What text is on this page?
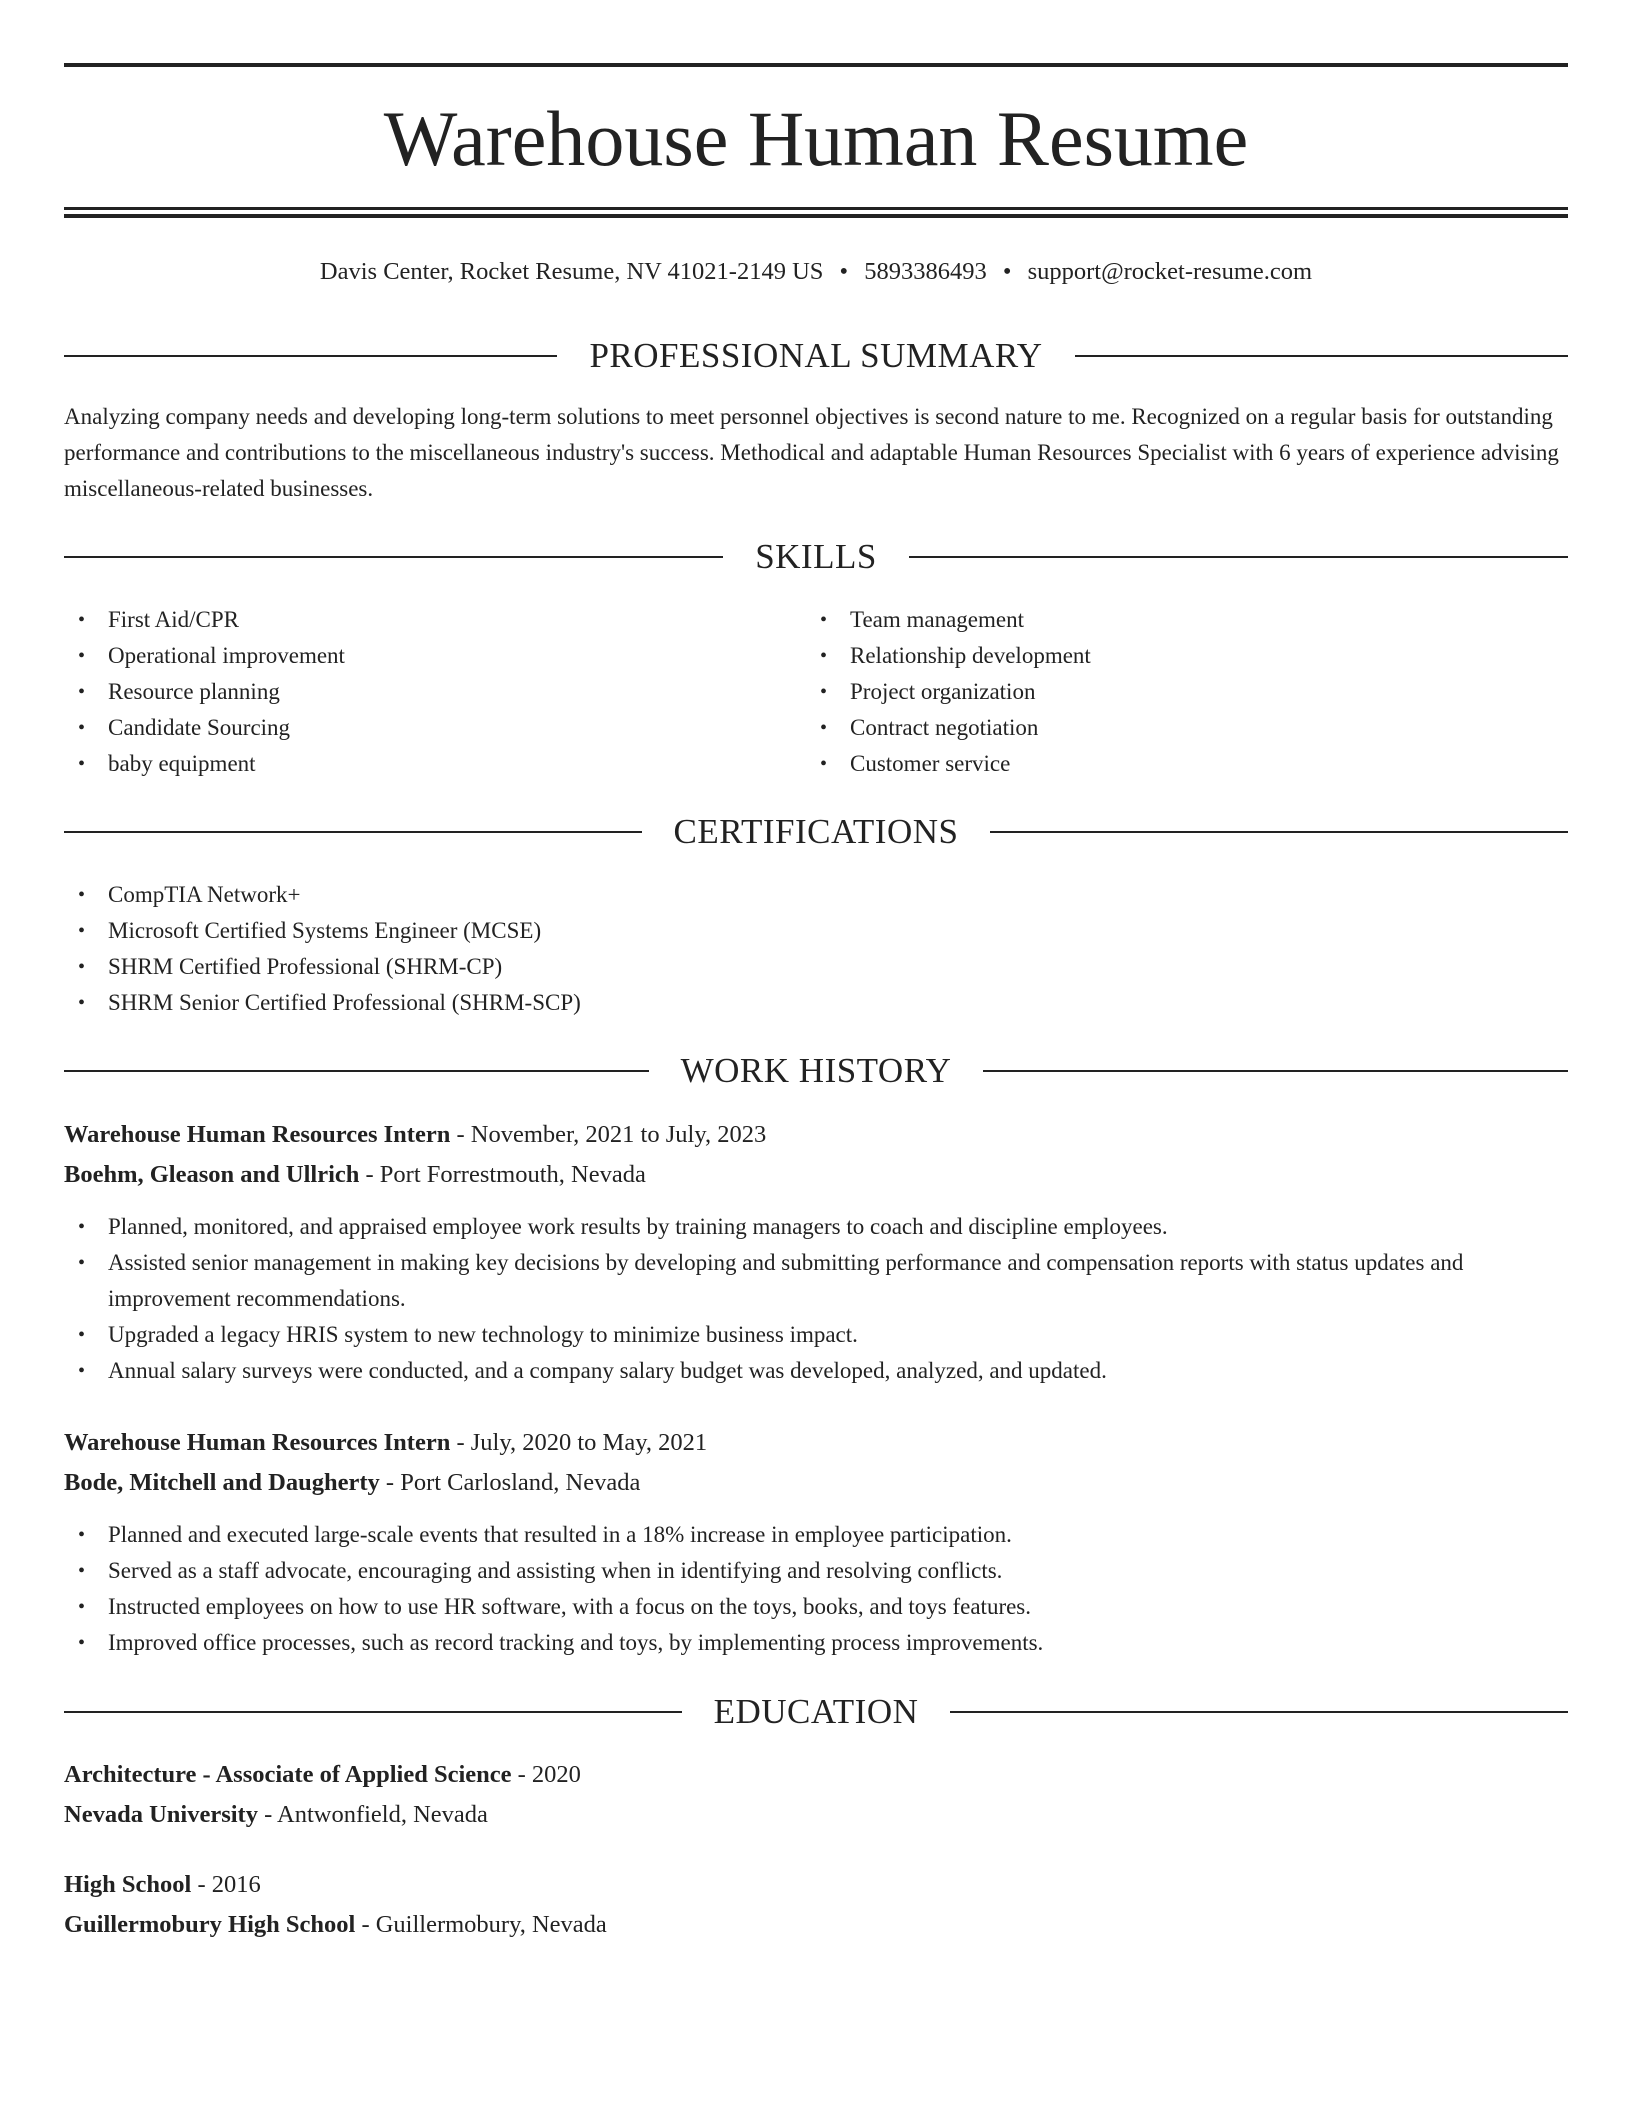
Warehouse Human Resume
Davis Center, Rocket Resume, NV 41021-2149 US • 5893386493 • support@rocket-resume.com
PROFESSIONAL SUMMARY

Analyzing company needs and developing long-term solutions to meet personnel objectives is second nature to me. Recognized on a regular basis for outstanding performance and contributions to the miscellaneous industry's success. Methodical and adaptable Human Resources Specialist with 6 years of experience advising miscellaneous-related businesses.

SKILLS
• First Aid/CPR
• Operational improvement
• Resource planning
• Candidate Sourcing
• baby equipment
• Team management
• Relationship development
• Project organization
• Contract negotiation
• Customer service
CERTIFICATIONS
• CompTIA Network+
• Microsoft Certified Systems Engineer (MCSE)
• SHRM Certified Professional (SHRM-CP)
• SHRM Senior Certified Professional (SHRM-SCP)
WORK HISTORY
Warehouse Human Resources Intern - November, 2021 to July, 2023
Boehm, Gleason and Ullrich - Port Forrestmouth, Nevada
• Planned, monitored, and appraised employee work results by training managers to coach and discipline employees.
• Assisted senior management in making key decisions by developing and submitting performance and compensation reports with status updates and improvement recommendations.
• Upgraded a legacy HRIS system to new technology to minimize business impact.
• Annual salary surveys were conducted, and a company salary budget was developed, analyzed, and updated.
Warehouse Human Resources Intern - July, 2020 to May, 2021
Bode, Mitchell and Daugherty - Port Carlosland, Nevada
• Planned and executed large-scale events that resulted in a 18% increase in employee participation.
• Served as a staff advocate, encouraging and assisting when in identifying and resolving conflicts.
• Instructed employees on how to use HR software, with a focus on the toys, books, and toys features.
• Improved office processes, such as record tracking and toys, by implementing process improvements.
EDUCATION
Architecture - Associate of Applied Science - 2020
Nevada University - Antwonfield, Nevada
High School - 2016
Guillermobury High School - Guillermobury, Nevada
